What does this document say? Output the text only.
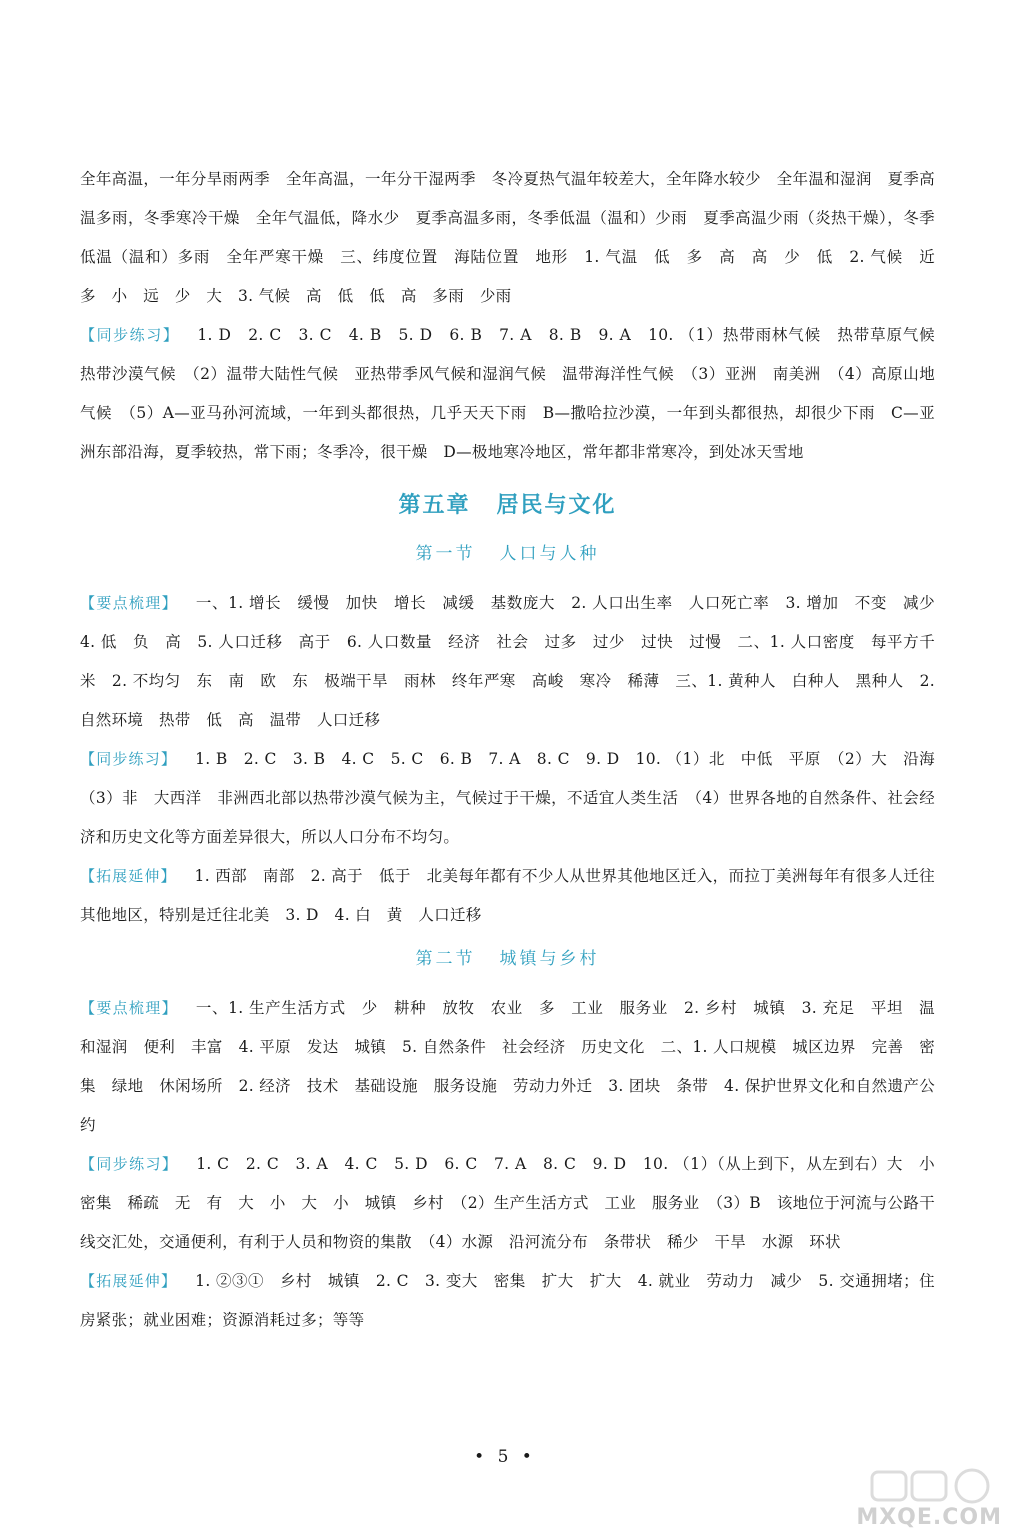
全年高温，一年分旱雨两季　全年高温，一年分干湿两季　冬冷夏热气温年较差大，全年降水较少　全年温和湿润　夏季高温多雨，冬季寒冷干燥　全年气温低，降水少　夏季高温多雨，冬季低温（温和）少雨　夏季高温少雨（炎热干燥），冬季低温（温和）多雨　全年严寒干燥　三、纬度位置　海陆位置　地形　1. 气温　低　多　高　高　少　低　2. 气候　近　多　小　远　少　大　3. 气候　高　低　低　高　多雨　少雨

【同步练习】 1. D　2. C　3. C　4. B　5. D　6. B　7. A　8. B　9. A　10. （1）热带雨林气候　热带草原气候　热带沙漠气候　（2）温带大陆性气候　亚热带季风气候和湿润气候　温带海洋性气候　（3）亚洲　南美洲　（4）高原山地气候　（5）A—亚马孙河流域，一年到头都很热，几乎天天下雨　B—撒哈拉沙漠，一年到头都很热，却很少下雨　C—亚洲东部沿海，夏季较热，常下雨；冬季冷，很干燥　D—极地寒冷地区，常年都非常寒冷，到处冰天雪地

第五章 居民与文化
第一节 人口与人种

【要点梳理】 一、1. 增长　缓慢　加快　增长　减缓　基数庞大　2. 人口出生率　人口死亡率　3. 增加　不变　减少　4. 低　负　高　5. 人口迁移　高于　6. 人口数量　经济　社会　过多　过少　过快　过慢　二、1. 人口密度　每平方千米　2. 不均匀　东　南　欧　东　极端干旱　雨林　终年严寒　高峻　寒冷　稀薄　三、1. 黄种人　白种人　黑种人　2. 自然环境　热带　低　高　温带　人口迁移

【同步练习】 1. B　2. C　3. B　4. C　5. C　6. B　7. A　8. C　9. D　10. （1）北　中低　平原　（2）大　沿海　（3）非　大西洋　非洲西北部以热带沙漠气候为主，气候过于干燥，不适宜人类生活　（4）世界各地的自然条件、社会经济和历史文化等方面差异很大，所以人口分布不均匀。

【拓展延伸】 1. 西部　南部　2. 高于　低于　北美每年都有不少人从世界其他地区迁入，而拉丁美洲每年有很多人迁往其他地区，特别是迁往北美　3. D　4. 白　黄　人口迁移

第二节 城镇与乡村

【要点梳理】 一、1. 生产生活方式　少　耕种　放牧　农业　多　工业　服务业　2. 乡村　城镇　3. 充足　平坦　温和湿润　便利　丰富　4. 平原　发达　城镇　5. 自然条件　社会经济　历史文化　二、1. 人口规模　城区边界　完善　密集　绿地　休闲场所　2. 经济　技术　基础设施　服务设施　劳动力外迁　3. 团块　条带　4. 保护世界文化和自然遗产公约

【同步练习】 1. C　2. C　3. A　4. C　5. D　6. C　7. A　8. C　9. D　10. （1）（从上到下，从左到右）大　小　密集　稀疏　无　有　大　小　大　小　城镇　乡村　（2）生产生活方式　工业　服务业　（3）B　该地位于河流与公路干线交汇处，交通便利，有利于人员和物资的集散　（4）水源　沿河流分布　条带状　稀少　干旱　水源　环状

【拓展延伸】 1. ②③①　乡村　城镇　2. C　3. 变大　密集　扩大　扩大　4. 就业　劳动力　减少　5. 交通拥堵；住房紧张；就业困难；资源消耗过多；等等

• 5 •
MXQE.COM
